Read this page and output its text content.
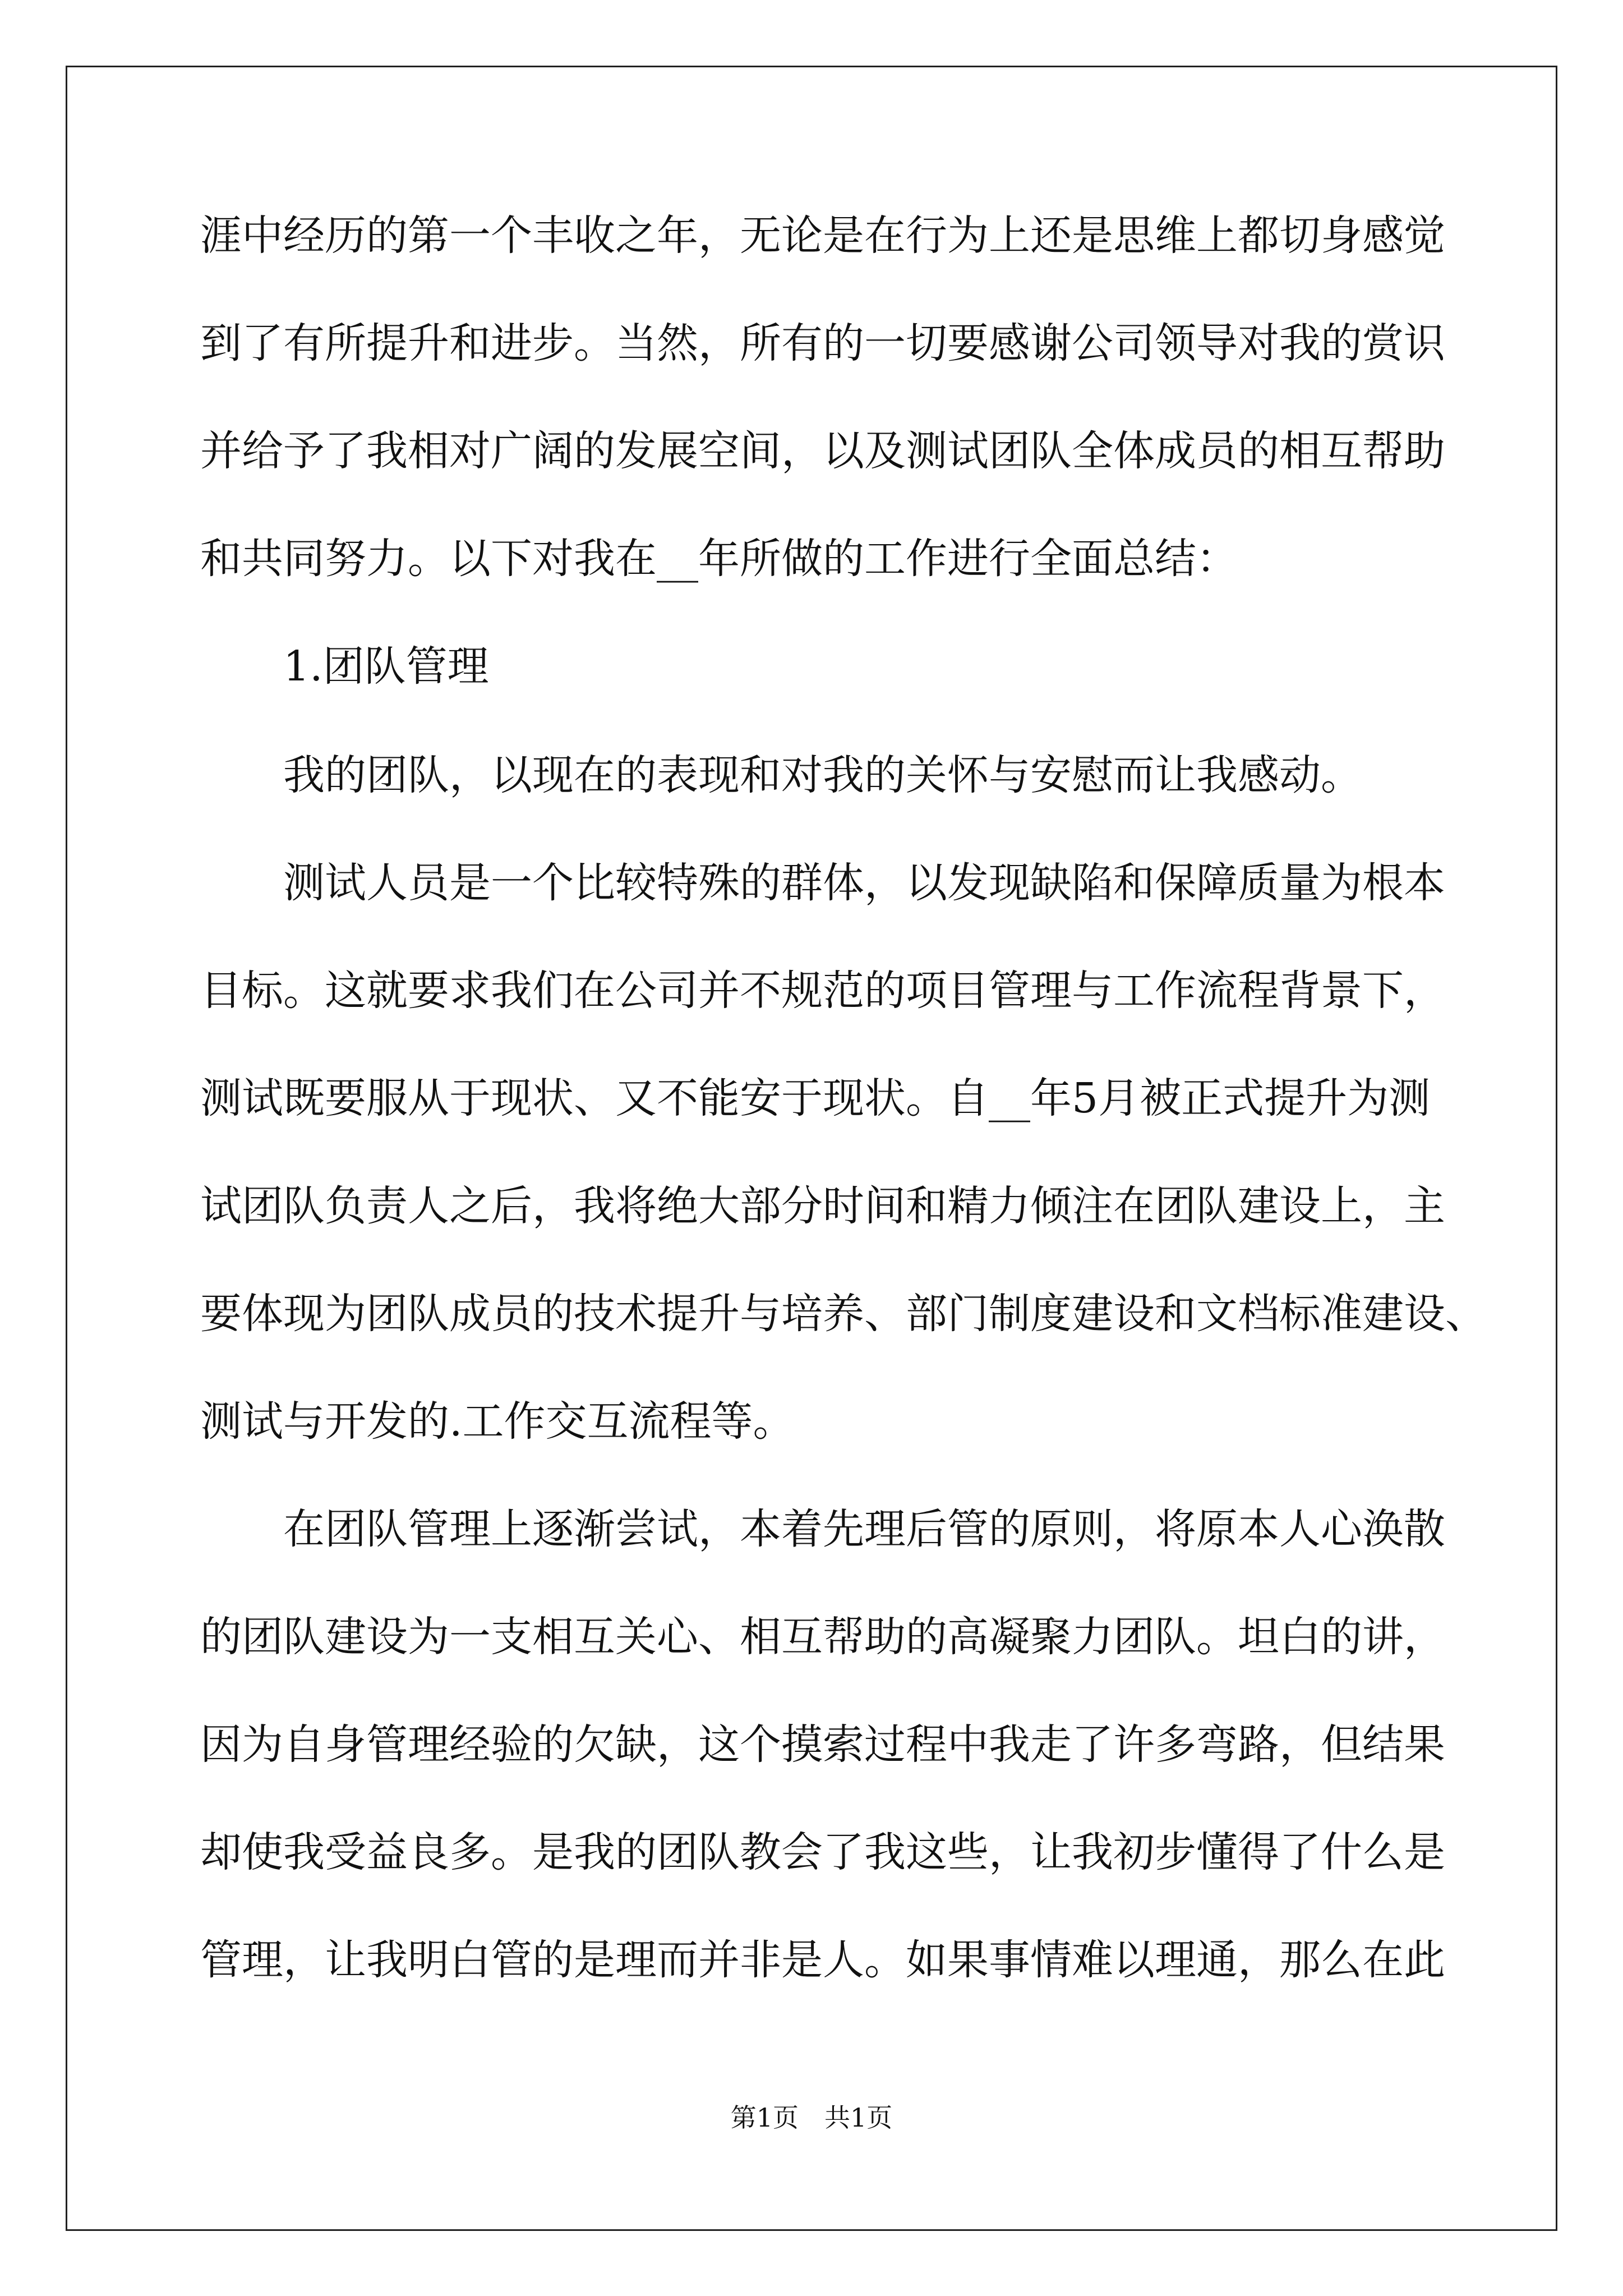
涯中经历的第一个丰收之年，无论是在行为上还是思维上都切身感觉
到了有所提升和进步。当然，所有的一切要感谢公司领导对我的赏识
并给予了我相对广阔的发展空间，以及测试团队全体成员的相互帮助
和共同努力。以下对我在__年所做的工作进行全面总结：
1.团队管理
我的团队，以现在的表现和对我的关怀与安慰而让我感动。
测试人员是一个比较特殊的群体，以发现缺陷和保障质量为根本
目标。这就要求我们在公司并不规范的项目管理与工作流程背景下，
测试既要服从于现状、又不能安于现状。自__年5月被正式提升为测
试团队负责人之后，我将绝大部分时间和精力倾注在团队建设上，主
要体现为团队成员的技术提升与培养、部门制度建设和文档标准建设、
测试与开发的.工作交互流程等。
在团队管理上逐渐尝试，本着先理后管的原则，将原本人心涣散
的团队建设为一支相互关心、相互帮助的高凝聚力团队。坦白的讲，
因为自身管理经验的欠缺，这个摸索过程中我走了许多弯路，但结果
却使我受益良多。是我的团队教会了我这些，让我初步懂得了什么是
管理，让我明白管的是理而并非是人。如果事情难以理通，那么在此
第1页　共1页
